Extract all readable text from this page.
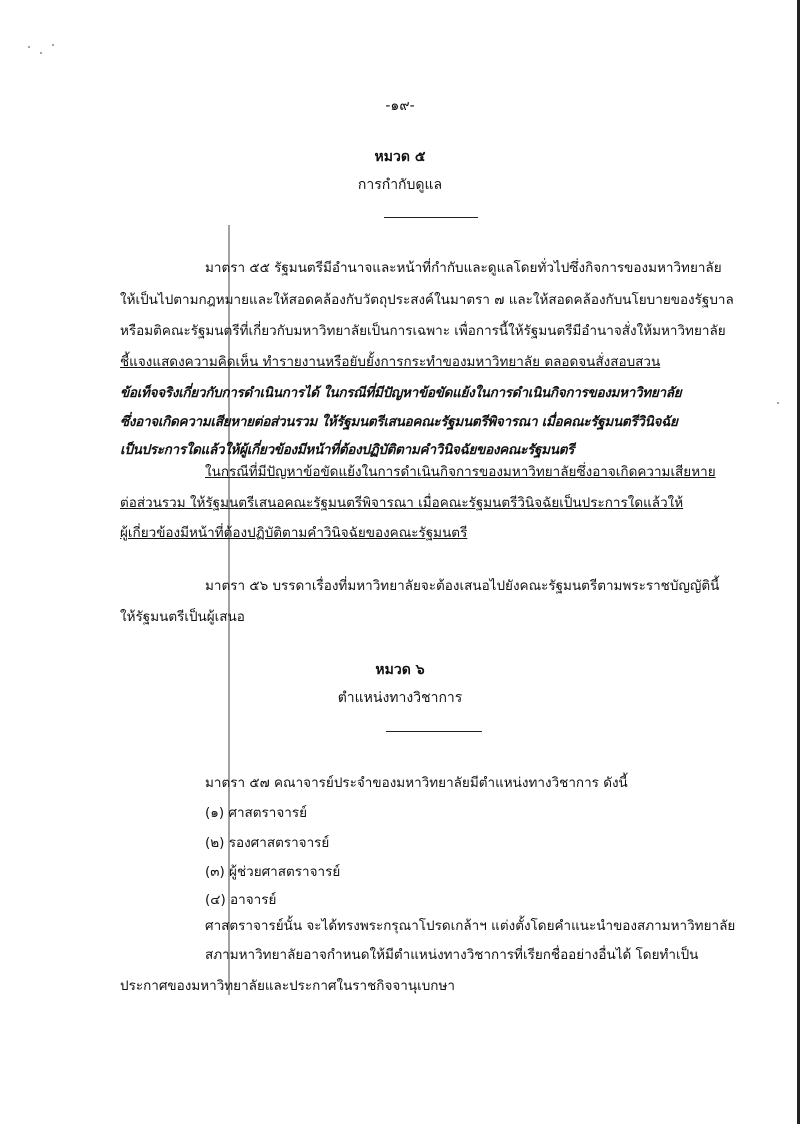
-๑๙-
หมวด ๕
การกำกับดูแล
มาตรา ๕๕ รัฐมนตรีมีอำนาจและหน้าที่กำกับและดูแลโดยทั่วไปซึ่งกิจการของมหาวิทยาลัย
ให้เป็นไปตามกฎหมายและให้สอดคล้องกับวัตถุประสงค์ในมาตรา ๗ และให้สอดคล้องกับนโยบายของรัฐบาล
หรือมติคณะรัฐมนตรีที่เกี่ยวกับมหาวิทยาลัยเป็นการเฉพาะ เพื่อการนี้ให้รัฐมนตรีมีอำนาจสั่งให้มหาวิทยาลัย
ชี้แจงแสดงความคิดเห็น ทำรายงานหรือยับยั้งการกระทำของมหาวิทยาลัย ตลอดจนสั่งสอบสวน
ข้อเท็จจริงเกี่ยวกับการดำเนินการได้ ในกรณีที่มีปัญหาข้อขัดแย้งในการดำเนินกิจการของมหาวิทยาลัย
ซึ่งอาจเกิดความเสียหายต่อส่วนรวม ให้รัฐมนตรีเสนอคณะรัฐมนตรีพิจารณา เมื่อคณะรัฐมนตรีวินิจฉัย
เป็นประการใดแล้วให้ผู้เกี่ยวข้องมีหน้าที่ต้องปฏิบัติตามคำวินิจฉัยของคณะรัฐมนตรี
ในกรณีที่มีปัญหาข้อขัดแย้งในการดำเนินกิจการของมหาวิทยาลัยซึ่งอาจเกิดความเสียหาย
ต่อส่วนรวม ให้รัฐมนตรีเสนอคณะรัฐมนตรีพิจารณา เมื่อคณะรัฐมนตรีวินิจฉัยเป็นประการใดแล้วให้
ผู้เกี่ยวข้องมีหน้าที่ต้องปฏิบัติตามคำวินิจฉัยของคณะรัฐมนตรี
มาตรา ๕๖ บรรดาเรื่องที่มหาวิทยาลัยจะต้องเสนอไปยังคณะรัฐมนตรีตามพระราชบัญญัตินี้
ให้รัฐมนตรีเป็นผู้เสนอ
หมวด ๖
ตำแหน่งทางวิชาการ
มาตรา ๕๗ คณาจารย์ประจำของมหาวิทยาลัยมีตำแหน่งทางวิชาการ ดังนี้
(๑) ศาสตราจารย์
(๒) รองศาสตราจารย์
(๓) ผู้ช่วยศาสตราจารย์
(๔) อาจารย์
ศาสตราจารย์นั้น จะได้ทรงพระกรุณาโปรดเกล้าฯ แต่งตั้งโดยคำแนะนำของสภามหาวิทยาลัย
สภามหาวิทยาลัยอาจกำหนดให้มีตำแหน่งทางวิชาการที่เรียกชื่ออย่างอื่นได้ โดยทำเป็น
ประกาศของมหาวิทยาลัยและประกาศในราชกิจจานุเบกษา
